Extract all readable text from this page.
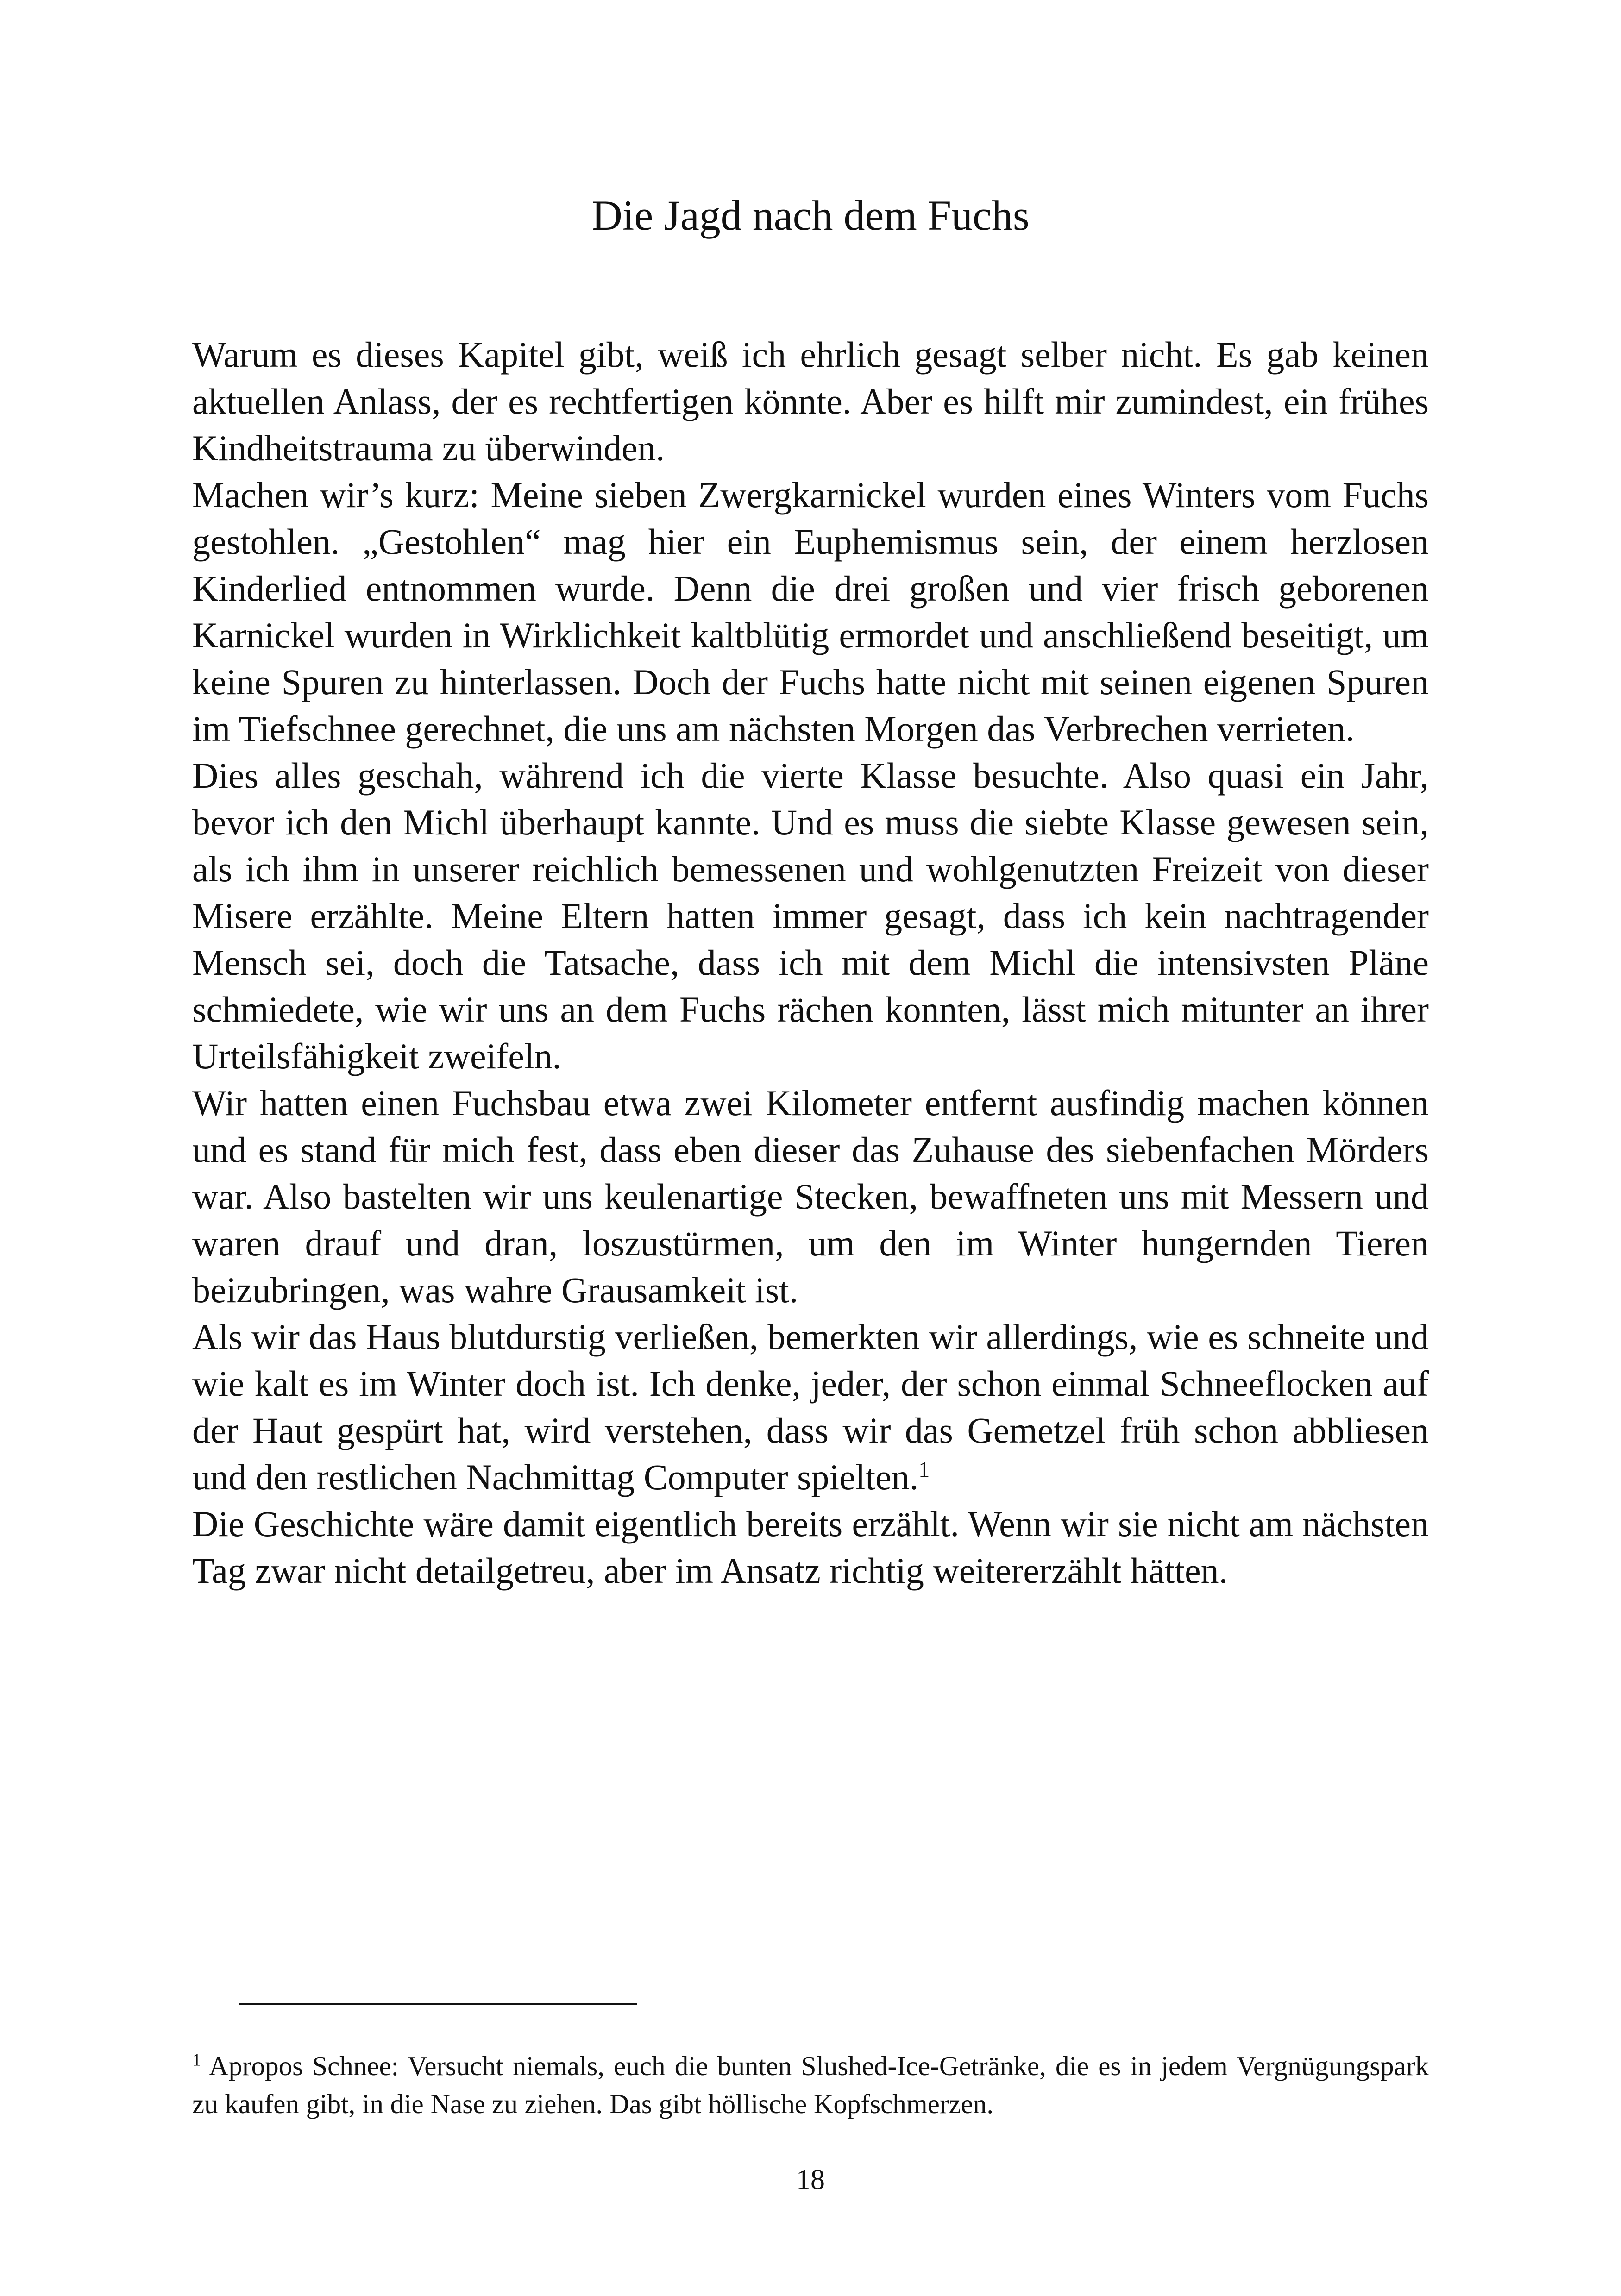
Die Jagd nach dem Fuchs

Warum es dieses Kapitel gibt, weiß ich ehrlich gesagt selber nicht. Es gab keinen aktuellen Anlass, der es rechtfertigen könnte. Aber es hilft mir zumindest, ein frühes Kindheitstrauma zu überwinden.

Machen wir’s kurz: Meine sieben Zwergkarnickel wurden eines Winters vom Fuchs gestohlen. „Gestohlen“ mag hier ein Euphemismus sein, der einem herzlosen Kinderlied entnommen wurde. Denn die drei großen und vier frisch geborenen Karnickel wurden in Wirklichkeit kaltblütig ermordet und anschließend beseitigt, um keine Spuren zu hinterlassen. Doch der Fuchs hatte nicht mit seinen eigenen Spuren im Tiefschnee gerechnet, die uns am nächsten Morgen das Verbrechen verrieten.

Dies alles geschah, während ich die vierte Klasse besuchte. Also quasi ein Jahr, bevor ich den Michl überhaupt kannte. Und es muss die siebte Klasse gewesen sein, als ich ihm in unserer reichlich bemessenen und wohlgenutzten Freizeit von dieser Misere erzählte. Meine Eltern hatten immer gesagt, dass ich kein nachtragender Mensch sei, doch die Tatsache, dass ich mit dem Michl die intensivsten Pläne schmiedete, wie wir uns an dem Fuchs rächen konnten, lässt mich mitunter an ihrer Urteilsfähigkeit zweifeln.

Wir hatten einen Fuchsbau etwa zwei Kilometer entfernt ausfindig machen können und es stand für mich fest, dass eben dieser das Zuhause des siebenfachen Mörders war. Also bastelten wir uns keulenartige Stecken, bewaffneten uns mit Messern und waren drauf und dran, loszustürmen, um den im Winter hungernden Tieren beizubringen, was wahre Grausamkeit ist.

Als wir das Haus blutdurstig verließen, bemerkten wir allerdings, wie es schneite und wie kalt es im Winter doch ist. Ich denke, jeder, der schon einmal Schneeflocken auf der Haut gespürt hat, wird verstehen, dass wir das Gemetzel früh schon abbliesen und den restlichen Nachmittag Computer spielten.$^1$

Die Geschichte wäre damit eigentlich bereits erzählt. Wenn wir sie nicht am nächsten Tag zwar nicht detailgetreu, aber im Ansatz richtig weitererzählt hätten.

$^1$ Apropos Schnee: Versucht niemals, euch die bunten Slushed-Ice-Getränke, die es in jedem Vergnügungspark zu kaufen gibt, in die Nase zu ziehen. Das gibt höllische Kopfschmerzen.

18
